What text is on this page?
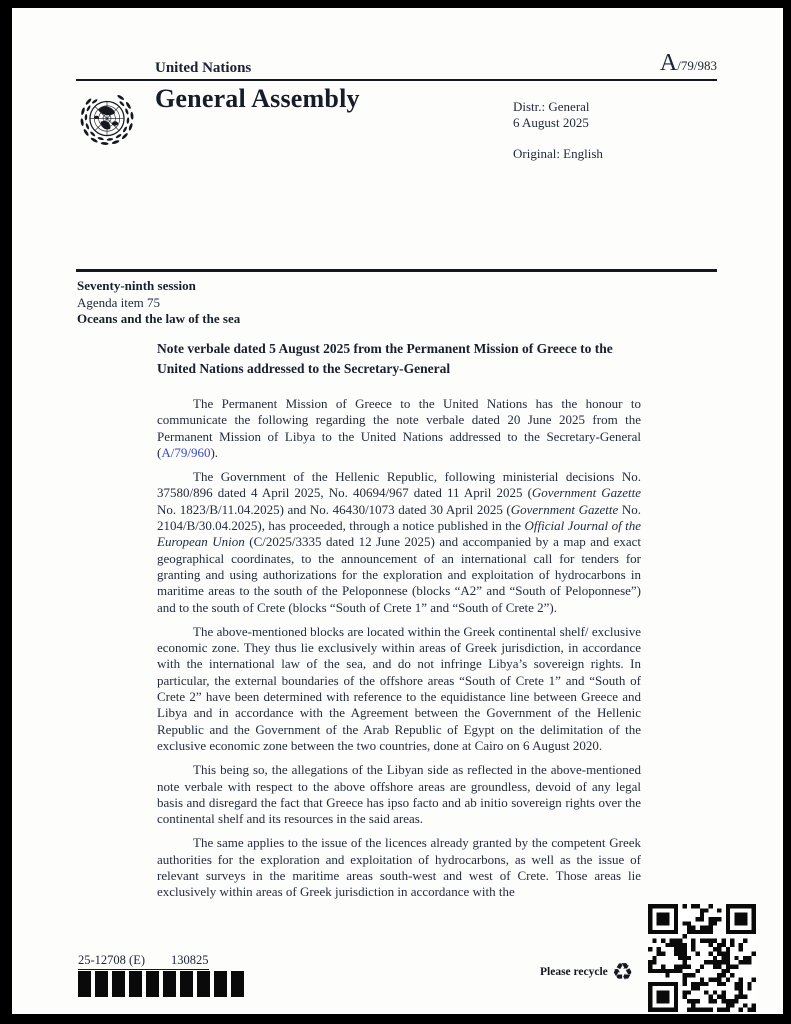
United Nations	A/79/983
General Assembly	Distr.: General
6 August 2025
Original: English
Seventy-ninth session
Agenda item 75
Oceans and the law of the sea

Note verbale dated 5 August 2025 from the Permanent Mission of Greece to the United Nations addressed to the Secretary-General

The Permanent Mission of Greece to the United Nations has the honour to communicate the following regarding the note verbale dated 20 June 2025 from the Permanent Mission of Libya to the United Nations addressed to the Secretary-General (A/79/960).

The Government of the Hellenic Republic, following ministerial decisions No. 37580/896 dated 4 April 2025, No. 40694/967 dated 11 April 2025 (Government Gazette No. 1823/B/11.04.2025) and No. 46430/1073 dated 30 April 2025 (Government Gazette No. 2104/B/30.04.2025), has proceeded, through a notice published in the Official Journal of the European Union (C/2025/3335 dated 12 June 2025) and accompanied by a map and exact geographical coordinates, to the announcement of an international call for tenders for granting and using authorizations for the exploration and exploitation of hydrocarbons in maritime areas to the south of the Peloponnese (blocks “A2” and “South of Peloponnese”) and to the south of Crete (blocks “South of Crete 1” and “South of Crete 2”).

The above-mentioned blocks are located within the Greek continental shelf/ exclusive economic zone. They thus lie exclusively within areas of Greek jurisdiction, in accordance with the international law of the sea, and do not infringe Libya’s sovereign rights. In particular, the external boundaries of the offshore areas “South of Crete 1” and “South of Crete 2” have been determined with reference to the equidistance line between Greece and Libya and in accordance with the Agreement between the Government of the Hellenic Republic and the Government of the Arab Republic of Egypt on the delimitation of the exclusive economic zone between the two countries, done at Cairo on 6 August 2020.

This being so, the allegations of the Libyan side as reflected in the above-mentioned note verbale with respect to the above offshore areas are groundless, devoid of any legal basis and disregard the fact that Greece has ipso facto and ab initio sovereign rights over the continental shelf and its resources in the said areas.

The same applies to the issue of the licences already granted by the competent Greek authorities for the exploration and exploitation of hydrocarbons, as well as the issue of relevant surveys in the maritime areas south-west and west of Crete. Those areas lie exclusively within areas of Greek jurisdiction in accordance with the

25-12708 (E) 130825
Please recycle ♻
